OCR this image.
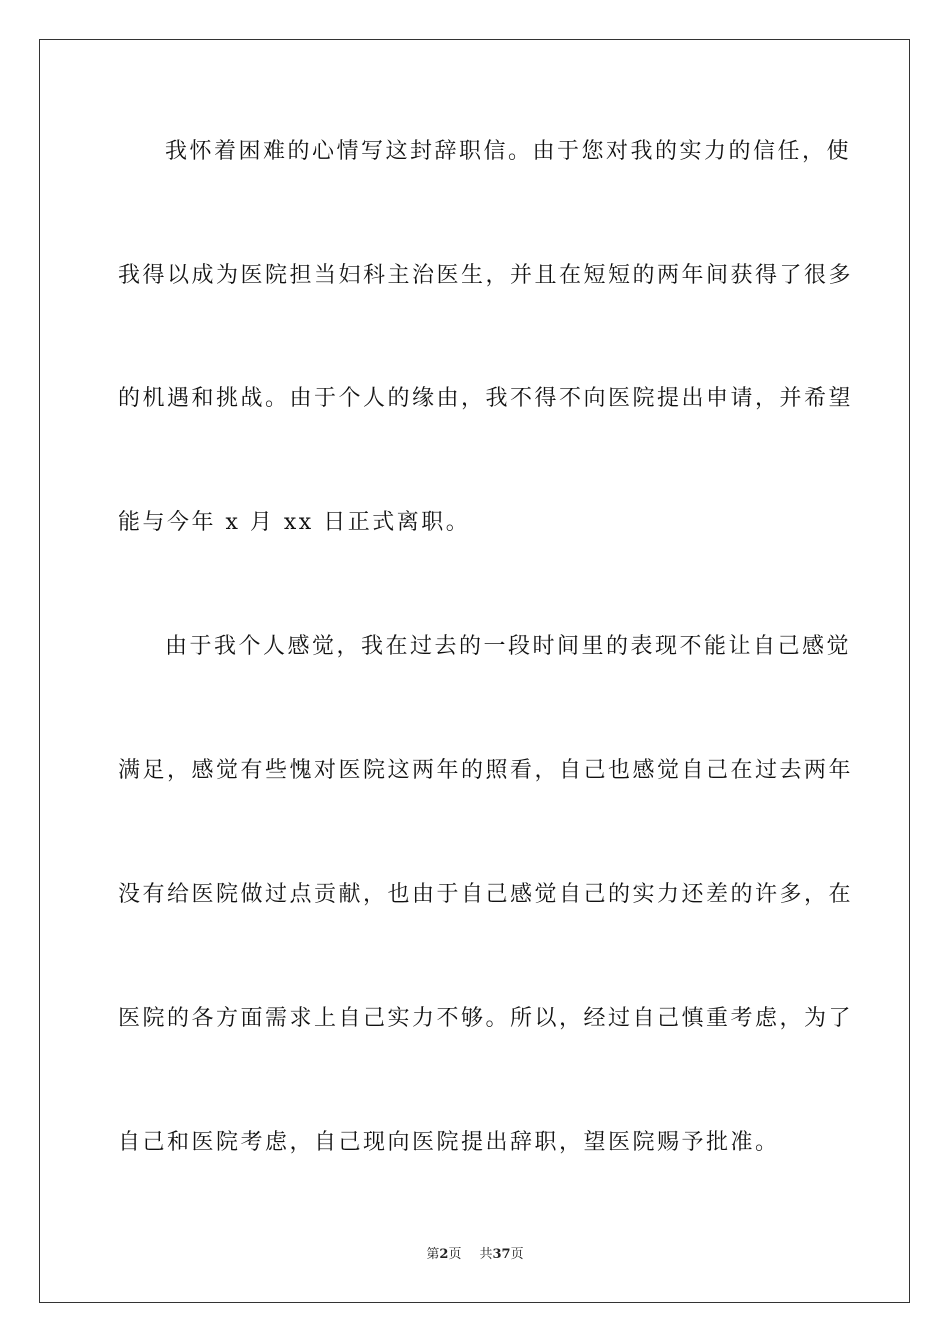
我怀着困难的心情写这封辞职信。由于您对我的实力的信任，使
我得以成为医院担当妇科主治医生，并且在短短的两年间获得了很多
的机遇和挑战。由于个人的缘由，我不得不向医院提出申请，并希望
能与今年 x 月 xx 日正式离职。
由于我个人感觉，我在过去的一段时间里的表现不能让自己感觉
满足，感觉有些愧对医院这两年的照看，自己也感觉自己在过去两年
没有给医院做过点贡献，也由于自己感觉自己的实力还差的许多，在
医院的各方面需求上自己实力不够。所以，经过自己慎重考虑，为了
自己和医院考虑，自己现向医院提出辞职，望医院赐予批准。
第2页 共37页
